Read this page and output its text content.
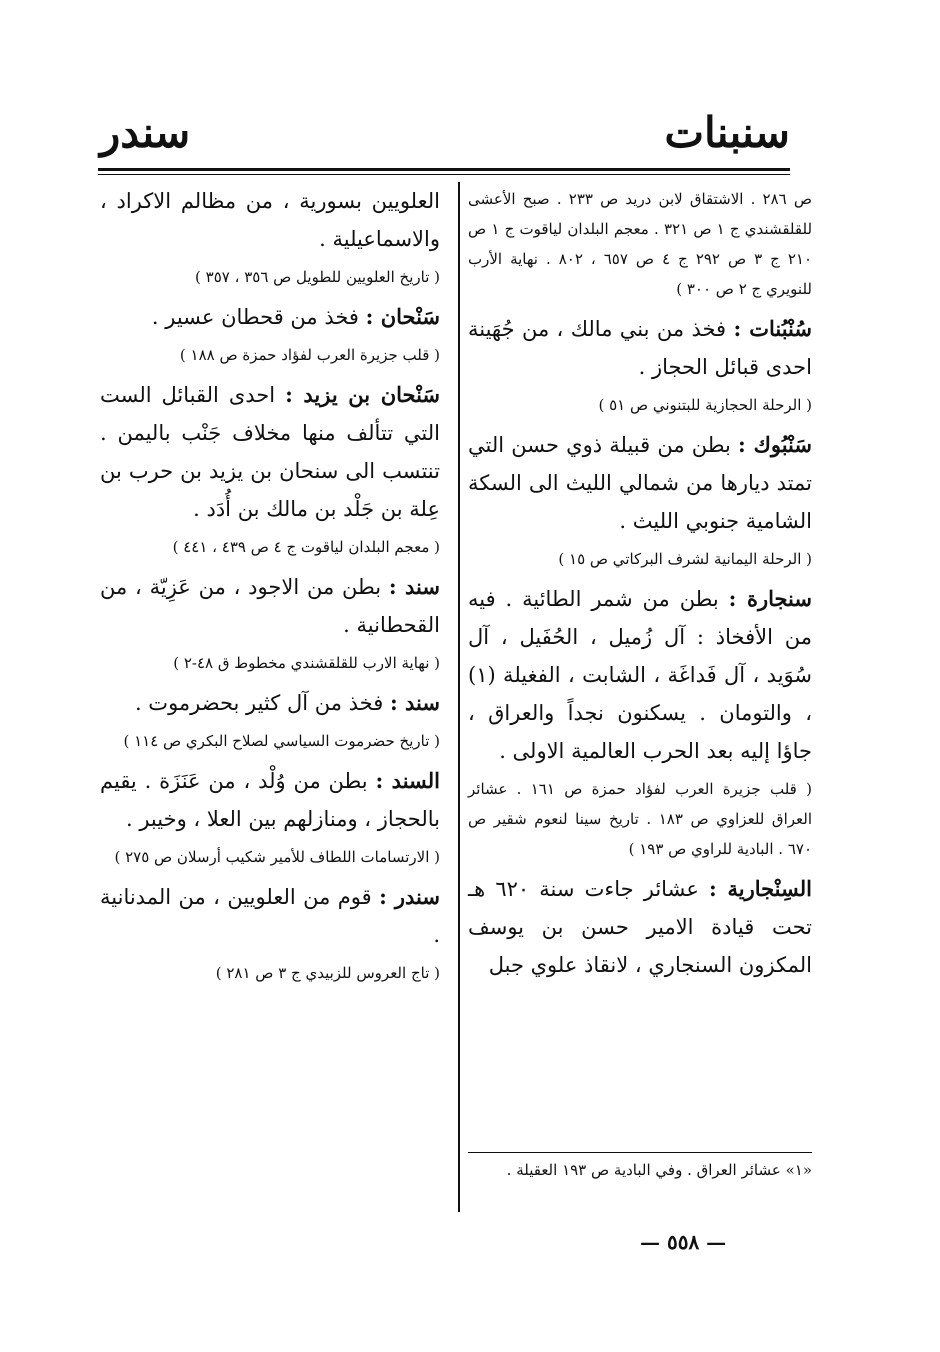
سنبنات
سندر

ص ٢٨٦ . الاشتقاق لابن دريد ص ٢٣٣ . صبح الأعشى للقلقشندي ج ١ ص ٣٢١ . معجم البلدان لياقوت ج ١ ص ٢١٠ ج ٣ ص ٢٩٢ ج ٤ ص ٦٥٧ ، ٨٠٢ . نهاية الأرب للنويري ج ٢ ص ٣٠٠ )

سُنْبُنات : فخذ من بني مالك ، من جُهَينة احدى قبائل الحجاز .

( الرحلة الحجازية للبتنوني ص ٥١ )

سَنْبُوك : بطن من قبيلة ذوي حسن التي تمتد ديارها من شمالي الليث الى السكة الشامية جنوبي الليث .

( الرحلة اليمانية لشرف البركاتي ص ١٥ )

سنجارة : بطن من شمر الطائية . فيه من الأفخاذ : آل زُميل ، الحُفَيل ، آل سُوَيد ، آل فَداغَة ، الشابت ، الفغيلة (١) ، والتومان . يسكنون نجداً والعراق ، جاؤا إليه بعد الحرب العالمية الاولى .

( قلب جزيرة العرب لفؤاد حمزة ص ١٦١ . عشائر العراق للعزاوي ص ١٨٣ . تاريخ سينا لنعوم شقير ص ٦٧٠ . البادية للراوي ص ١٩٣ )

السِنْجارية : عشائر جاءت سنة ٦٢٠ هـ تحت قيادة الامير حسن بن يوسف المكزون السنجاري ، لانقاذ علوي جبل

العلويين بسورية ، من مظالم الاكراد ، والاسماعيلية .

( تاريخ العلويين للطويل ص ٣٥٦ ، ٣٥٧ )

سَنْحان : فخذ من قحطان عسير .

( قلب جزيرة العرب لفؤاد حمزة ص ١٨٨ )

سَنْحان بن يزيد : احدى القبائل الست التي تتألف منها مخلاف جَنْب باليمن . تنتسب الى سنحان بن يزيد بن حرب بن عِلة بن جَلْد بن مالك بن أُدَد .

( معجم البلدان لياقوت ج ٤ ص ٤٣٩ ، ٤٤١ )

سند : بطن من الاجود ، من عَزِيّة ، من القحطانية .

( نهاية الارب للقلقشندي مخطوط ق ٤٨-٢ )

سند : فخذ من آل كثير بحضرموت .

( تاريخ حضرموت السياسي لصلاح البكري ص ١١٤ )

السند : بطن من وُلْد ، من عَنَزَة . يقيم بالحجاز ، ومنازلهم بين العلا ، وخيبر .

( الارتسامات اللطاف للأمير شكيب أرسلان ص ٢٧٥ )

سندر : قوم من العلويين ، من المدنانية .

( تاج العروس للزبيدي ج ٣ ص ٢٨١ )

«١» عشائر العراق . وفي البادية ص ١٩٣ العقيلة .
— ٥٥٨ —
